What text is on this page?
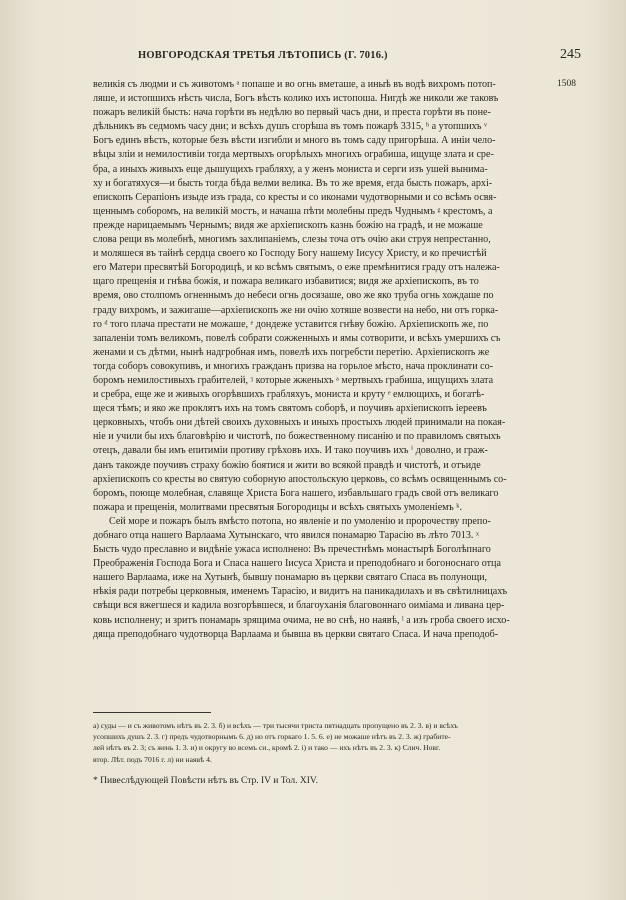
НОВГОРОДСКАЯ ТРЕТЬЯ ЛѢТОПИСЬ (Г. 7016.)	245
1508

великія съ людми и съ животомъ ᵃ попаше и во огнь вметаше, а иныѣ въ водѣ вихромъ потоп-

ляше, и истопшихъ нѣсть числа, Богъ вѣсть колико ихъ истопоша. Нигдѣ же николи же таковъ

пожаръ великій бысть: нача горѣти въ недѣлю во первый часъ дни, и преста горѣти въ поне-

дѣльникъ въ седмомъ часу дни; и всѣхъ душъ сгорѣша въ томъ пожарѣ 3315, ᵇ а утопшихъ ᵛ

Богъ единъ вѣсть, которые безъ вѣсти изгибли и много въ томъ саду пригорѣша. А инiи чело-

вѣцы злiи и немилостивiи тогда мертвыхъ огорѣлыхъ многихъ ограбиша, ищуще злата и сре-

бра, а иныхъ живыхъ еще дышущихъ грабляху, а у женъ мониста и серги изъ ушей вынима-

ху и богатяхуся—и бысть тогда бѣда велми велика. Въ то же время, егда бысть пожаръ, архі-

епископъ Серапіонъ изыде изъ града, со кресты и со иконами чудотворными и со всѣмъ освя-

щеннымъ соборомъ, на великій мостъ, и начаша пѣти молебны предъ Чуднымъ ᵍ крестомъ, а

прежде нарицаемымъ Чернымъ; видя же архіепископъ казнь божію на градѣ, и не можаше

слова рещи въ молебнѣ, многимъ захлипаніемъ, слезы точа отъ очію аки струя непрестанно,

и моляшеся въ тайнѣ сердца своего ко Господу Богу нашему Іисусу Христу, и ко пречистѣй

его Матери пресвятѣй Богородицѣ, и ко всѣмъ святымъ, о еже премѣнитися граду отъ належа-

щаго прещенія и гнѣва божія, и пожара великаго избавитися; видя же архіепископъ, въ то

время, ово столпомъ огненнымъ до небеси огнь досязаше, ово же яко труба огнь хождаше по

граду вихромъ, и зажигаше—архіепископъ же ни очію хотяше возвести на небо, ни отъ горка-

го ᵈ того плача престати не можаше, ᵉ дондеже уставится гнѣву божію. Архіепископъ же, по

запаленіи томъ великомъ, повелѣ собрати сожженныхъ и ямы сотворити, и всѣхъ умершихъ съ

женами и съ дѣтми, нынѣ надгробная имъ, повелѣ ихъ погребсти перетію. Архіепископъ же

тогда соборъ совокупивъ, и многихъ гражданъ призва на горьлое мѣсто, нача проклинати со-

боромъ немилостивыхъ грабителей, ᶾ которые жженыхъ ᵃ мертвыхъ грабиша, ищущихъ злата

и сребра, еще же и живыхъ огорѣвшихъ грабляхуъ, мониста и круту ᵉ емлющихъ, и богатѣ-

щеся тѣмъ; и яко же проклятъ ихъ на томъ святомъ соборѣ, и поучивъ архіепископъ іереевъ

церковныхъ, чтобъ они дѣтей своихъ духовныхъ и иныхъ простыхъ людей принимали на покая-

ніе и учили бы ихъ благовѣрію и чистотѣ, по божественному писанію и по правиломъ святыхъ

отецъ, давали бы имъ епитиміи противу грѣховъ ихъ. И тако поучивъ ихъ ⁱ доволно, и граж-

данъ такожде поучивъ страху божію боятися и жити во всякой правдѣ и чистотѣ, и отъиде

архіепископъ со кресты во святую соборную апостольскую церковь, со всѣмъ освященнымъ со-

боромъ, поюще молебная, славяще Христа Бога нашего, избавльшаго градъ свой отъ великаго

пожара и прещенія, молитвами пресвятыя Богородицы и всѣхъ святыхъ умоленіемъ ᵏ.

Сей море и пожаръ былъ вмѣсто потопа, но явленіе и по умоленію и пророчеству препо-

добнаго отца нашего Варлаама Хутынскаго, что явился понамарю Тарасію въ лѣто 7013. ˣ

Бысть чудо преславно и видѣніе ужаса исполнено: Въ пречестнѣмъ монастырѣ Боголѣпнаго

Преображенія Господа Бога и Спаса нашего Іисуса Христа и преподобнаго и богоноснаго отца

нашего Варлаама, иже на Хутынѣ, бывшу понамарю въ церкви святаго Спаса въ полунощи,

нѣкія ради потребы церковныя, именемъ Тарасію, и видитъ на паникадилахъ и въ свѣтилницахъ

свѣщи вся вжегшеся и кадила возгорѣвшеся, и благоуханія благовоннаго оиміама и ливана цер-

ковь исполнену; и зритъ понамарь зрящима очима, не во снѣ, но наявѣ, ˡ а изъ гроба своего исхо-

дяща преподобнаго чудотворца Варлаама и бывша въ церкви святаго Спаса. И нача преподоб-

а) суды — и съ животомъ нѣтъ въ 2. 3. б) и всѣхъ — три тысячи триста пятнадцать пропущено въ 2. 3. в) и всѣхъ

усопшихъ душъ 2. 3. г) предъ чудотворнымъ 6. д) но отъ горкаго 1. 5. 6. е) не можаше нѣтъ въ 2. 3. ж) грабите-

лей нѣтъ въ 2. 3; съ жень 1. 3. и) и округу во всемъ си., кромѣ 2. і) и тако — ихъ нѣтъ въ 2. 3. к) Слич. Новг.

втор. Лѣт. подъ 7016 г. л) ни наявѣ 4.

* Пивеслѣдующей Повѣсти нѣтъ въ Стр. IV и Тол. XIV.
